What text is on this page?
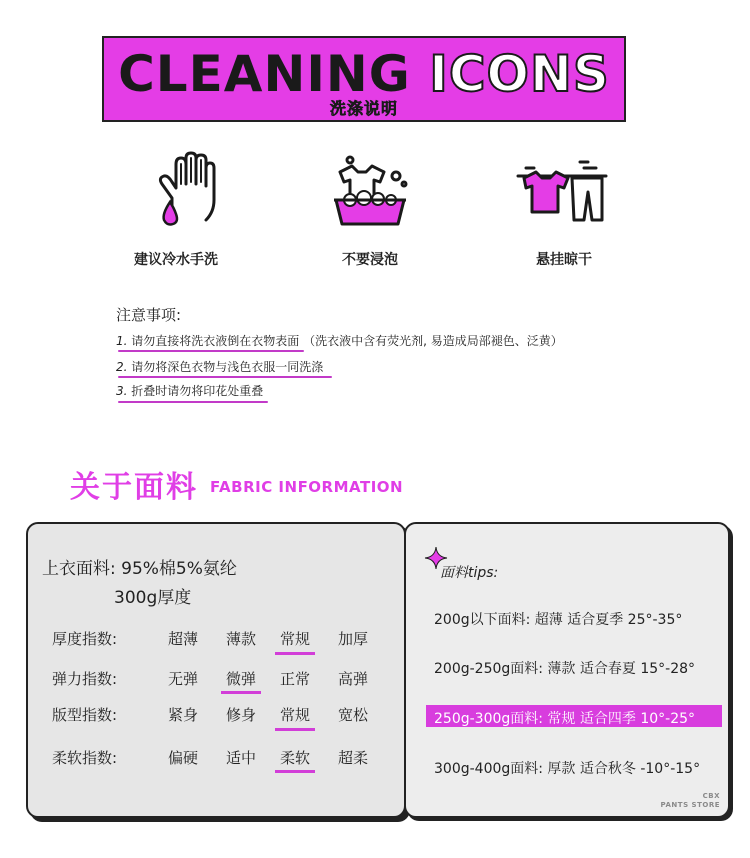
CLEANING ICONS
洗涤说明
建议冷水手洗	不要浸泡	悬挂晾干
注意事项:
1. 请勿直接将洗衣液倒在衣物表面 （洗衣液中含有荧光剂, 易造成局部褪色、泛黄）
2. 请勿将深色衣物与浅色衣服一同洗涤
3. 折叠时请勿将印花处重叠
关于面料 FABRIC INFORMATION
上衣面料: 95%棉5%氨纶
300g厚度
厚度指数:	超薄	薄款	常规	加厚
弹力指数:	无弹	微弹	正常	高弹
版型指数:	紧身	修身	常规	宽松
柔软指数:	偏硬	适中	柔软	超柔
面料tips:
200g以下面料: 超薄 适合夏季 25°-35°
200g-250g面料: 薄款 适合春夏 15°-28°
250g-300g面料: 常规 适合四季 10°-25°
300g-400g面料: 厚款 适合秋冬 -10°-15°
CBX
PANTS STORE
